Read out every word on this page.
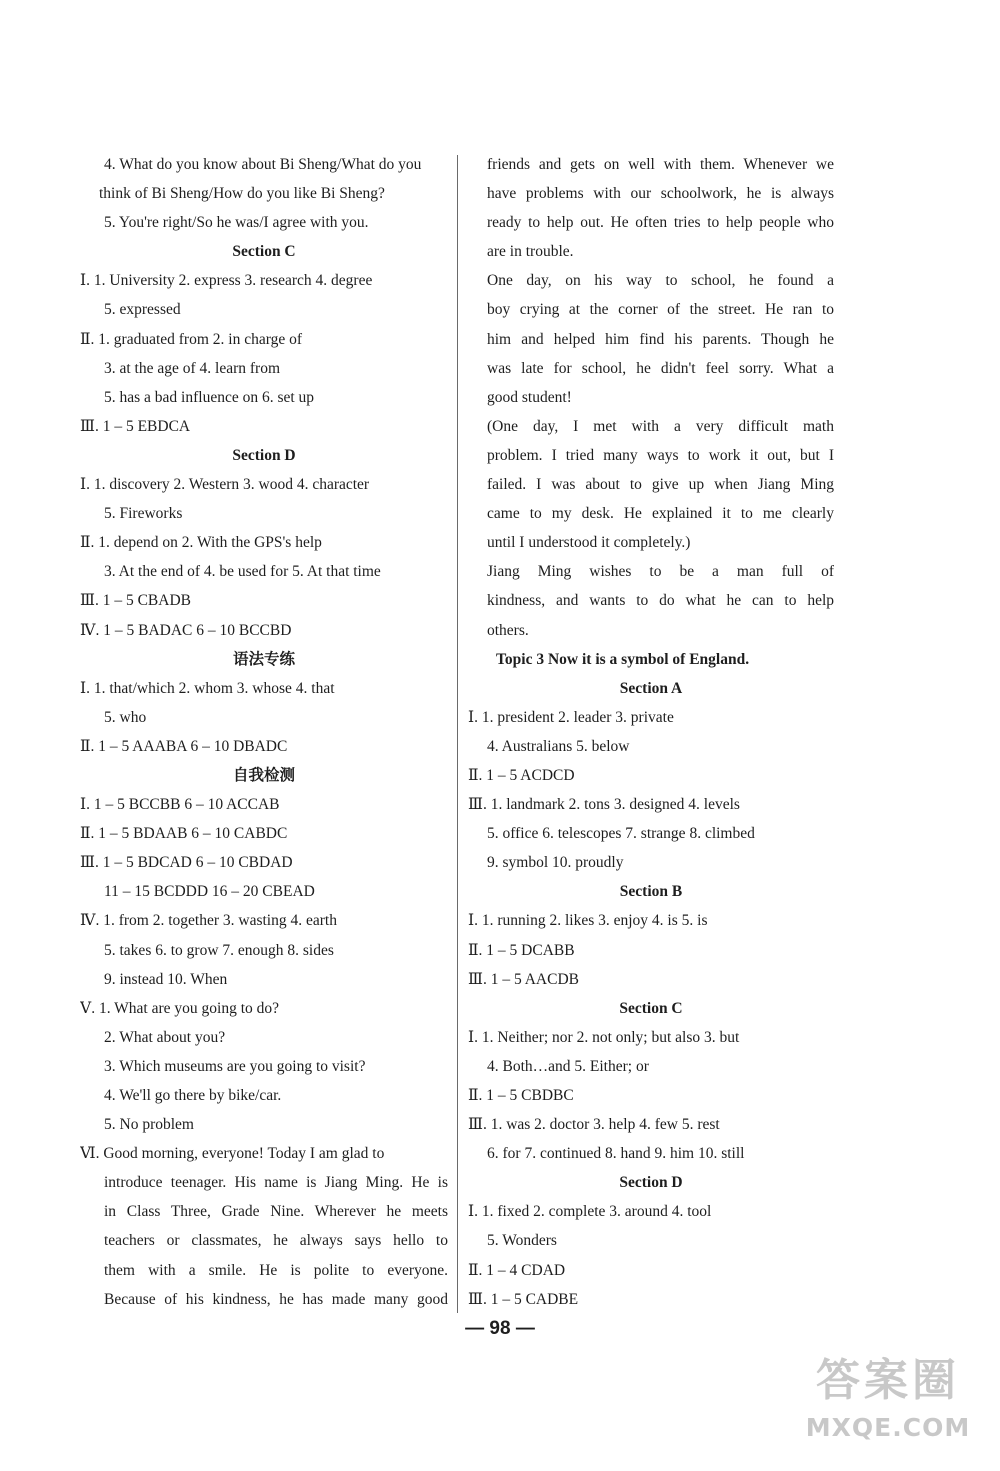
4. What do you know about Bi Sheng/What do you
think of Bi Sheng/How do you like Bi Sheng?
5. You're right/So he was/I agree with you.
Section C
Ⅰ. 1. University 2. express 3. research 4. degree
5. expressed
Ⅱ. 1. graduated from 2. in charge of
3. at the age of 4. learn from
5. has a bad influence on 6. set up
Ⅲ. 1 – 5 EBDCA
Section D
Ⅰ. 1. discovery 2. Western 3. wood 4. character
5. Fireworks
Ⅱ. 1. depend on 2. With the GPS's help
3. At the end of 4. be used for 5. At that time
Ⅲ. 1 – 5 CBADB
Ⅳ. 1 – 5 BADAC 6 – 10 BCCBD
语法专练
Ⅰ. 1. that/which 2. whom 3. whose 4. that
5. who
Ⅱ. 1 – 5 AAABA 6 – 10 DBADC
自我检测
Ⅰ. 1 – 5 BCCBB 6 – 10 ACCAB
Ⅱ. 1 – 5 BDAAB 6 – 10 CABDC
Ⅲ. 1 – 5 BDCAD 6 – 10 CBDAD
11 – 15 BCDDD 16 – 20 CBEAD
Ⅳ. 1. from 2. together 3. wasting 4. earth
5. takes 6. to grow 7. enough 8. sides
9. instead 10. When
Ⅴ. 1. What are you going to do?
2. What about you?
3. Which museums are you going to visit?
4. We'll go there by bike/car.
5. No problem
Ⅵ. Good morning, everyone! Today I am glad to
introduce teenager. His name is Jiang Ming. He is
in Class Three, Grade Nine. Wherever he meets
teachers or classmates, he always says hello to
them with a smile. He is polite to everyone.
Because of his kindness, he has made many good
friends and gets on well with them. Whenever we
have problems with our schoolwork, he is always
ready to help out. He often tries to help people who
are in trouble.
One day, on his way to school, he found a
boy crying at the corner of the street. He ran to
him and helped him find his parents. Though he
was late for school, he didn't feel sorry. What a
good student!
(One day, I met with a very difficult math
problem. I tried many ways to work it out, but I
failed. I was about to give up when Jiang Ming
came to my desk. He explained it to me clearly
until I understood it completely.)
Jiang Ming wishes to be a man full of
kindness, and wants to do what he can to help
others.
Topic 3 Now it is a symbol of England.
Section A
Ⅰ. 1. president 2. leader 3. private
4. Australians 5. below
Ⅱ. 1 – 5 ACDCD
Ⅲ. 1. landmark 2. tons 3. designed 4. levels
5. office 6. telescopes 7. strange 8. climbed
9. symbol 10. proudly
Section B
Ⅰ. 1. running 2. likes 3. enjoy 4. is 5. is
Ⅱ. 1 – 5 DCABB
Ⅲ. 1 – 5 AACDB
Section C
Ⅰ. 1. Neither; nor 2. not only; but also 3. but
4. Both…and 5. Either; or
Ⅱ. 1 – 5 CBDBC
Ⅲ. 1. was 2. doctor 3. help 4. few 5. rest
6. for 7. continued 8. hand 9. him 10. still
Section D
Ⅰ. 1. fixed 2. complete 3. around 4. tool
5. Wonders
Ⅱ. 1 – 4 CDAD
Ⅲ. 1 – 5 CADBE
— 98 —
答案圈
MXQE.COM
